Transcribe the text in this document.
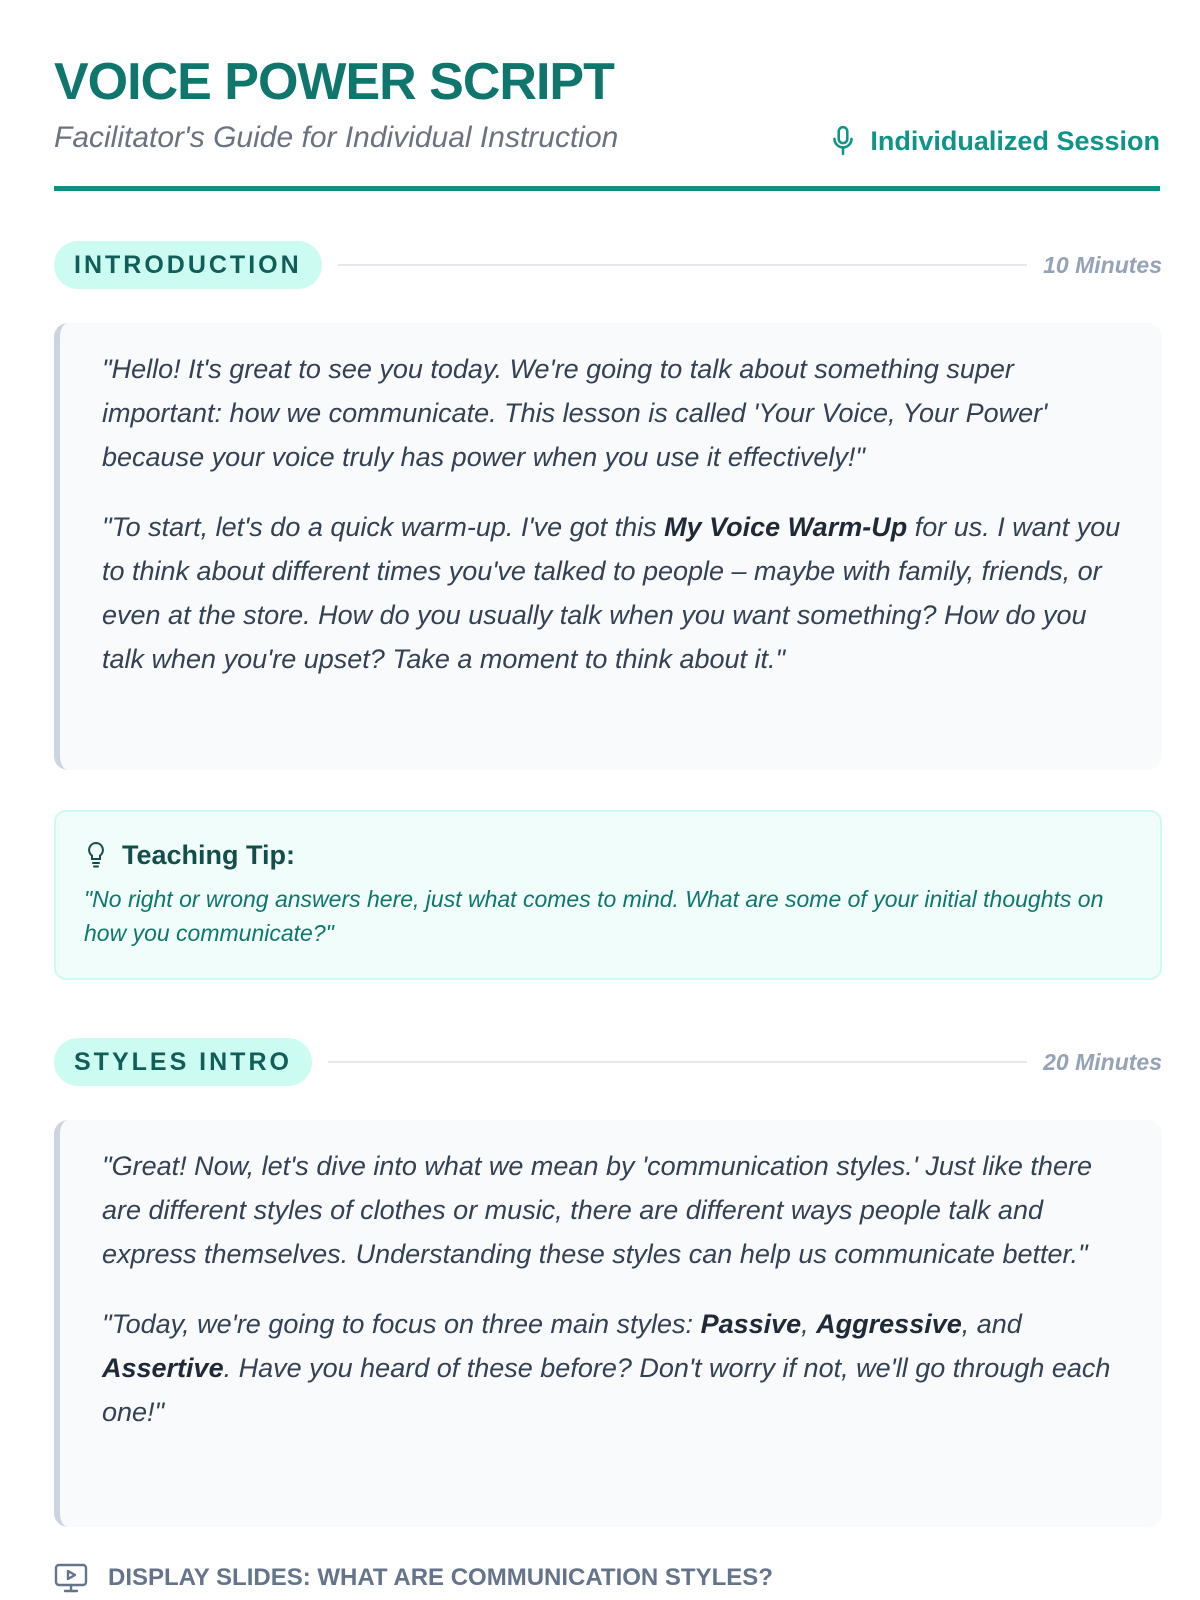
VOICE POWER SCRIPT

Facilitator's Guide for Individual Instruction	Individualized Session
INTRODUCTION	10 Minutes

"Hello! It's great to see you today. We're going to talk about something super important: how we communicate. This lesson is called 'Your Voice, Your Power' because your voice truly has power when you use it effectively!"

"To start, let's do a quick warm-up. I've got this My Voice Warm-Up for us. I want you to think about different times you've talked to people – maybe with family, friends, or even at the store. How do you usually talk when you want something? How do you talk when you're upset? Take a moment to think about it."

Teaching Tip:

"No right or wrong answers here, just what comes to mind. What are some of your initial thoughts on how you communicate?"

STYLES INTRO	20 Minutes

"Great! Now, let's dive into what we mean by 'communication styles.' Just like there are different styles of clothes or music, there are different ways people talk and express themselves. Understanding these styles can help us communicate better."

"Today, we're going to focus on three main styles: Passive, Aggressive, and Assertive. Have you heard of these before? Don't worry if not, we'll go through each one!"

DISPLAY SLIDES: WHAT ARE COMMUNICATION STYLES?
